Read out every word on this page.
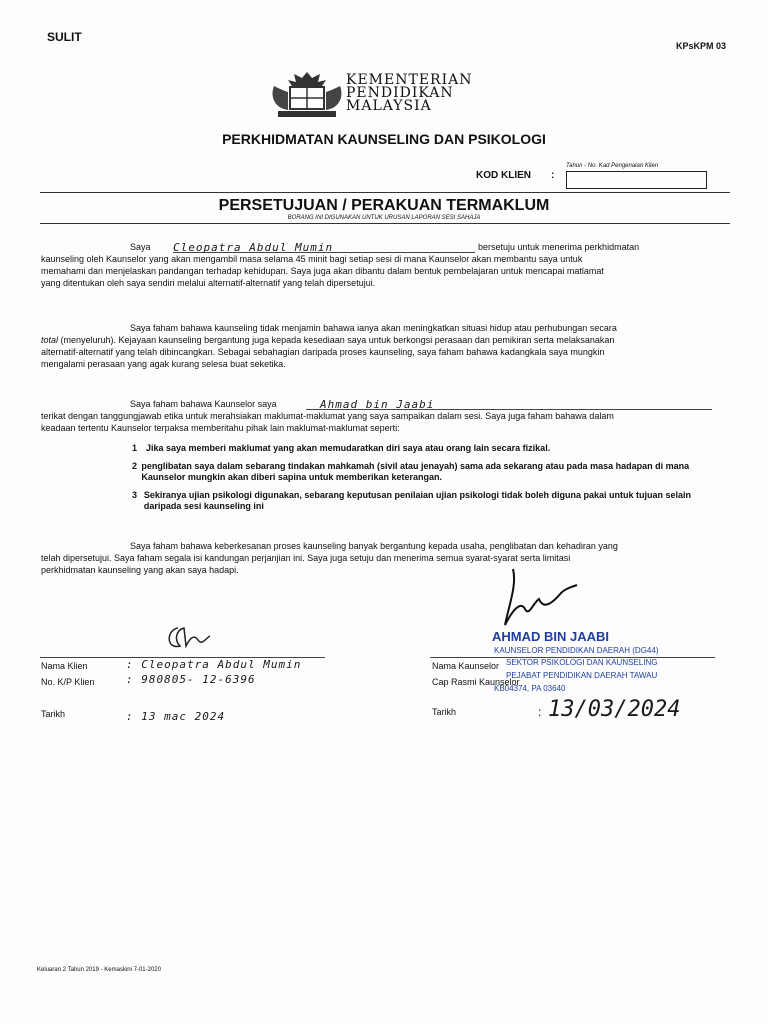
SULIT
KPsKPM 03
KEMENTERIAN
PENDIDIKAN
MALAYSIA
PERKHIDMATAN KAUNSELING DAN PSIKOLOGI
Tahun - No. Kad Pengenalan Klien
KOD KLIEN :
PERSETUJUAN / PERAKUAN TERMAKLUM
BORANG INI DIGUNAKAN UNTUK URUSAN LAPORAN SESI SAHAJA
Saya Cleopatra Abdul Mumin	bersetuju untuk menerima perkhidmatan
kaunseling oleh Kaunselor yang akan mengambil masa selama 45 minit bagi setiap sesi di mana Kaunselor akan membantu saya untuk
memahami dan menjelaskan pandangan terhadap kehidupan. Saya juga akan dibantu dalam bentuk pembelajaran untuk mencapai matlamat
yang ditentukan oleh saya sendiri melalui alternatif-alternatif yang telah dipersetujui.
Saya faham bahawa kaunseling tidak menjamin bahawa ianya akan meningkatkan situasi hidup atau perhubungan secara
total (menyeluruh). Kejayaan kaunseling bergantung juga kepada kesediaan saya untuk berkongsi perasaan dan pemikiran serta melaksanakan
alternatif-alternatif yang telah dibincangkan. Sebagai sebahagian daripada proses kaunseling, saya faham bahawa kadangkala saya mungkin
mengalami perasaan yang agak kurang selesa buat seketika.
Saya faham bahawa Kaunselor saya	Ahmad bin Jaabi
terikat dengan tanggungjawab etika untuk merahsiakan maklumat-maklumat yang saya sampaikan dalam sesi. Saya juga faham bahawa dalam
keadaan tertentu Kaunselor terpaksa memberitahu pihak lain maklumat-maklumat seperti:
1 Jika saya memberi maklumat yang akan memudaratkan diri saya atau orang lain secara fizikal.
2 penglibatan saya dalam sebarang tindakan mahkamah (sivil atau jenayah) sama ada sekarang atau pada masa hadapan di mana Kaunselor mungkin akan diberi sapina untuk memberikan keterangan.
3 Sekiranya ujian psikologi digunakan, sebarang keputusan penilaian ujian psikologi tidak boleh diguna pakai untuk tujuan selain daripada sesi kaunseling ini
Saya faham bahawa keberkesanan proses kaunseling banyak bergantung kepada usaha, penglibatan dan kehadiran yang
telah dipersetujui. Saya faham segala isi kandungan perjanjian ini. Saya juga setuju dan menerima semua syarat-syarat serta limitasi
perkhidmatan kaunseling yang akan saya hadapi.
Nama Klien	: Cleopatra Abdul Mumin
No. K/P Klien	: 980805- 12-6396
Tarikh	: 13 mac 2024
Nama Kaunselor
Cap Rasmi Kaunselor
Tarikh	: 13/03/2024
AHMAD BIN JAABI
KAUNSELOR PENDIDIKAN DAERAH (DG44)
SEKTOR PSIKOLOGI DAN KAUNSELING
PEJABAT PENDIDIKAN DAERAH TAWAU
KB04374, PA 03640
Keluaran 2 Tahun 2019 - Kemaskini 7-01-2020
